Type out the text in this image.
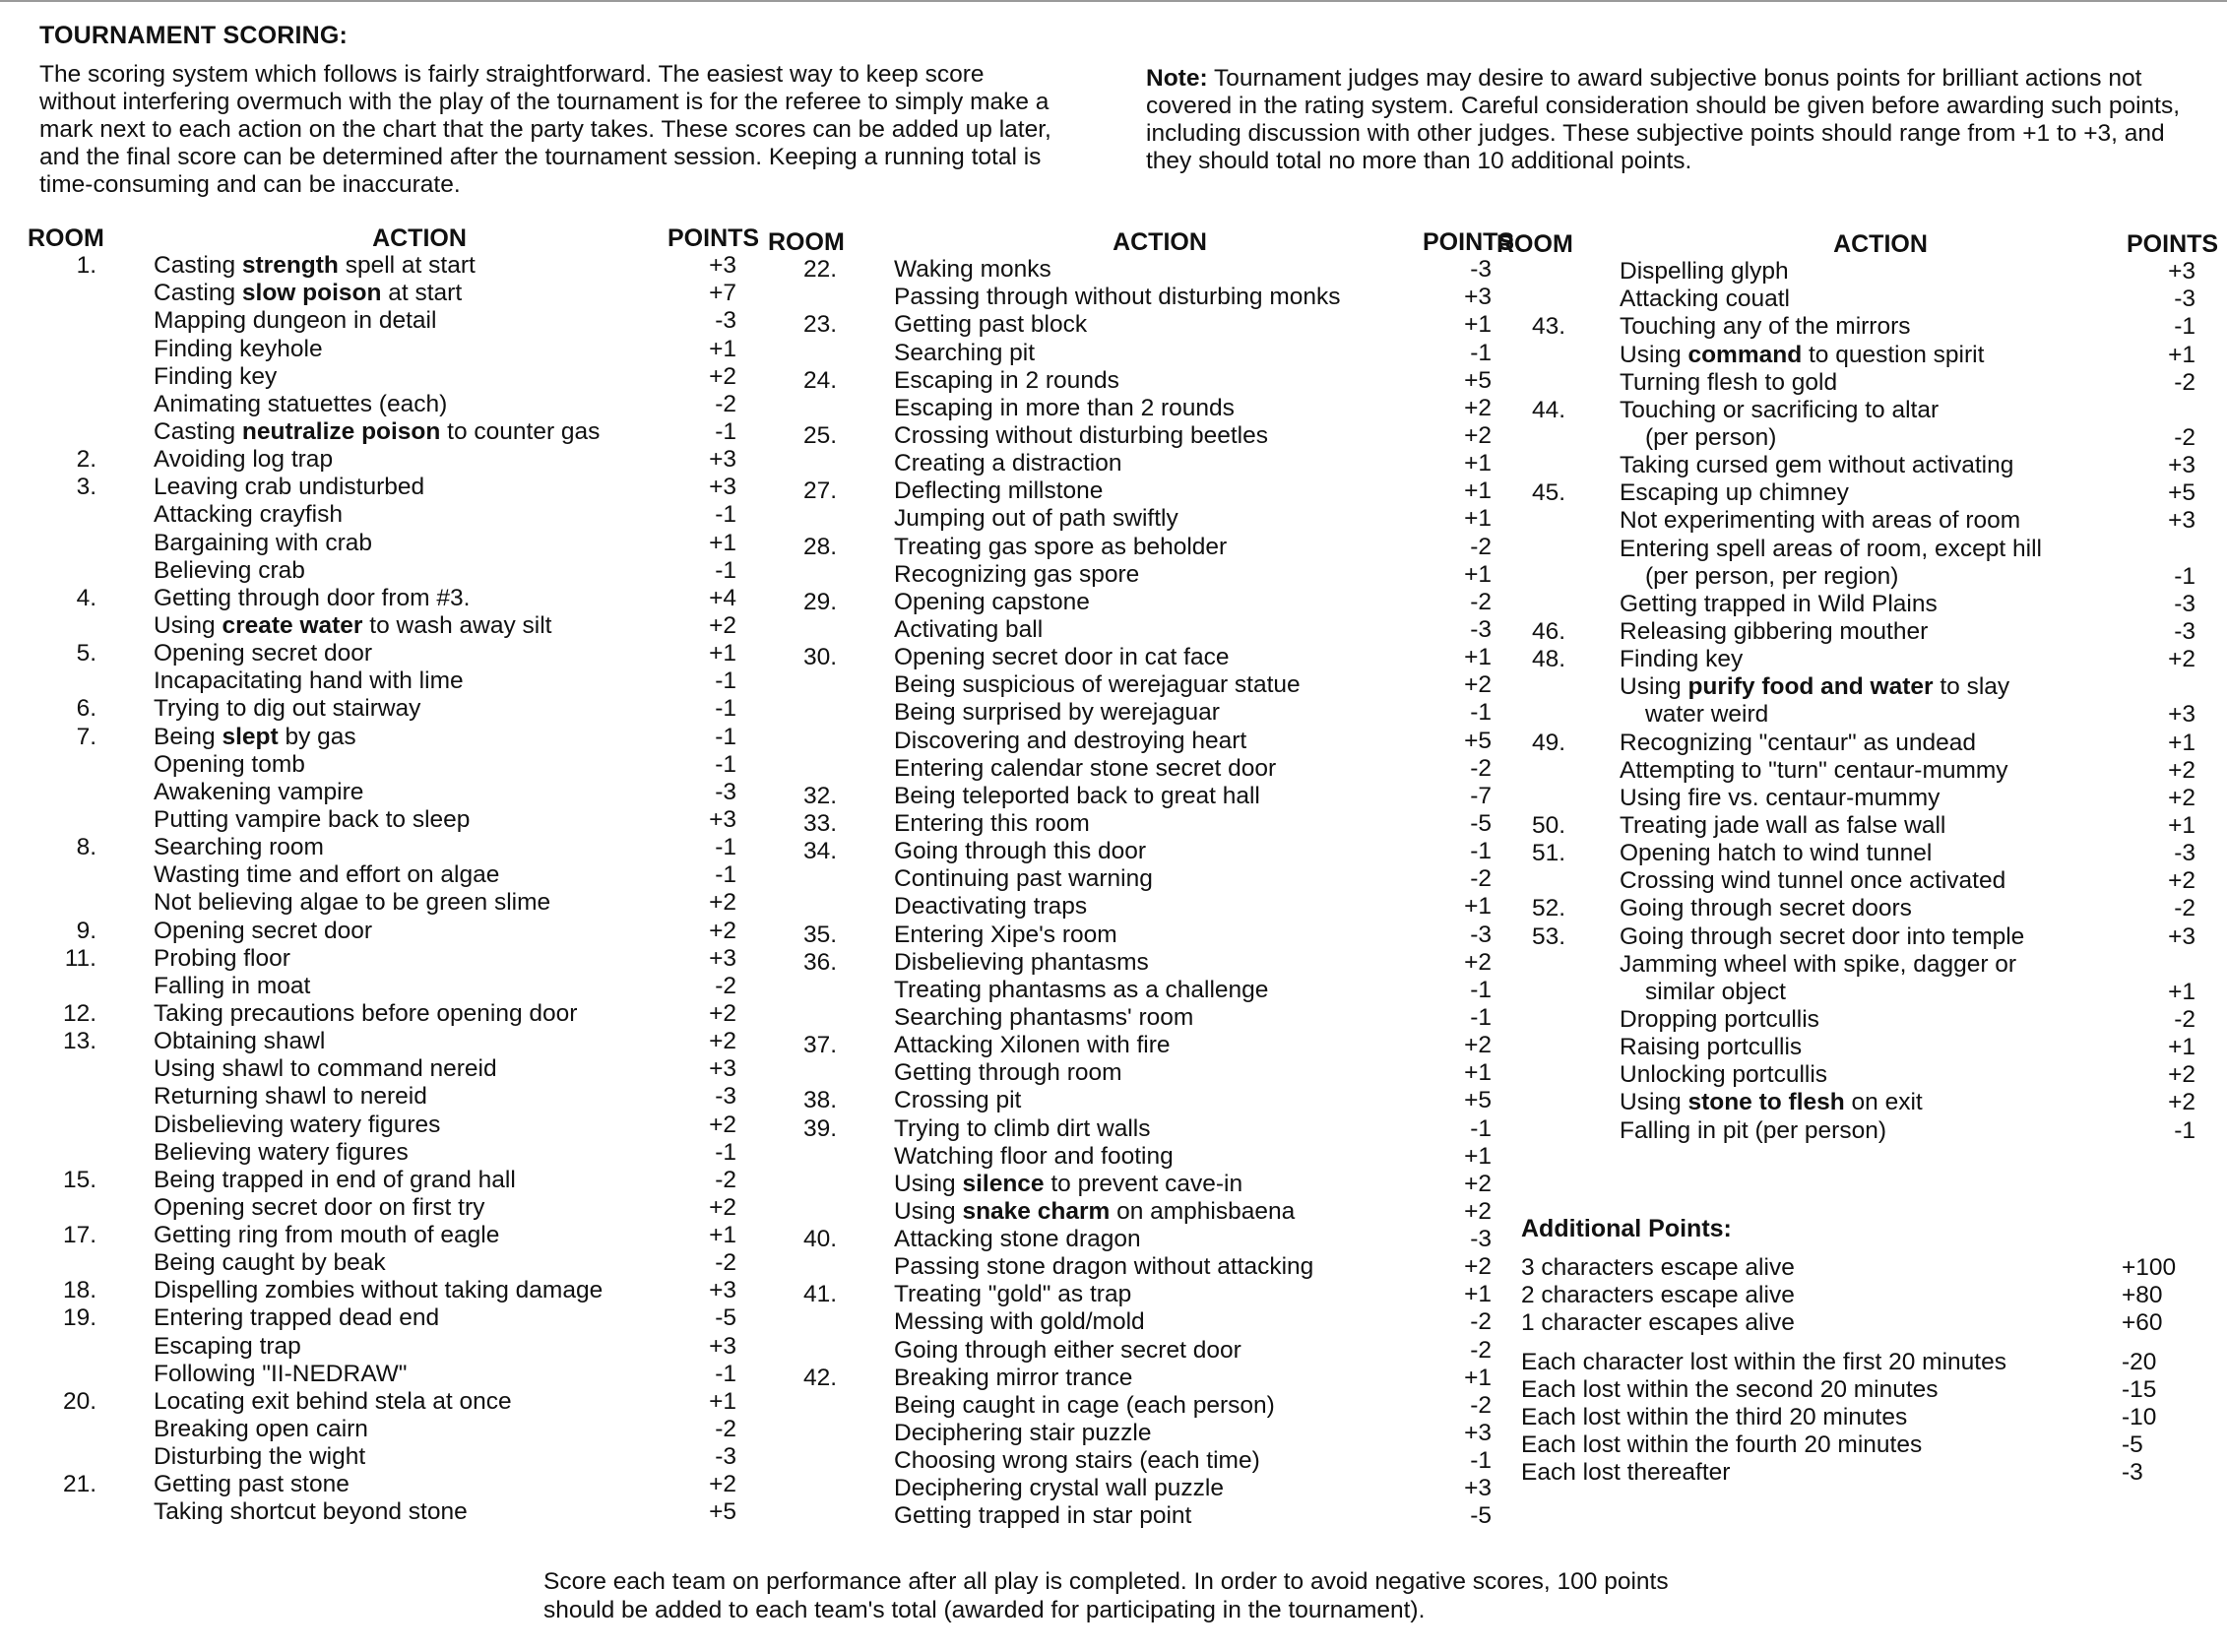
TOURNAMENT SCORING:
The scoring system which follows is fairly straightforward. The easiest way to keep score without interfering overmuch with the play of the tournament is for the referee to simply make a mark next to each action on the chart that the party takes. These scores can be added up later, and the final score can be determined after the tournament session. Keeping a running total is time-consuming and can be inaccurate.
Note: Tournament judges may desire to award subjective bonus points for brilliant actions not covered in the rating system. Careful consideration should be given before awarding such points, including discussion with other judges. These subjective points should range from +1 to +3, and they should total no more than 10 additional points.
ROOM	ACTION	POINTS
1. Casting strength spell at start	+3
Casting slow poison at start	+7
Mapping dungeon in detail	-3
Finding keyhole	+1
Finding key	+2
Animating statuettes (each)	-2
Casting neutralize poison to counter gas	-1
2. Avoiding log trap	+3
3. Leaving crab undisturbed	+3
Attacking crayfish	-1
Bargaining with crab	+1
Believing crab	-1
4. Getting through door from #3.	+4
Using create water to wash away silt	+2
5. Opening secret door	+1
Incapacitating hand with lime	-1
6. Trying to dig out stairway	-1
7. Being slept by gas	-1
Opening tomb	-1
Awakening vampire	-3
Putting vampire back to sleep	+3
8. Searching room	-1
Wasting time and effort on algae	-1
Not believing algae to be green slime	+2
9. Opening secret door	+2
11. Probing floor	+3
Falling in moat	-2
12. Taking precautions before opening door	+2
13. Obtaining shawl	+2
Using shawl to command nereid	+3
Returning shawl to nereid	-3
Disbelieving watery figures	+2
Believing watery figures	-1
15. Being trapped in end of grand hall	-2
Opening secret door on first try	+2
17. Getting ring from mouth of eagle	+1
Being caught by beak	-2
18. Dispelling zombies without taking damage	+3
19. Entering trapped dead end	-5
Escaping trap	+3
Following "II-NEDRAW"	-1
20. Locating exit behind stela at once	+1
Breaking open cairn	-2
Disturbing the wight	-3
21. Getting past stone	+2
Taking shortcut beyond stone	+5
ROOM	ACTION	POINTS
22. Waking monks	-3
Passing through without disturbing monks	+3
23. Getting past block	+1
Searching pit	-1
24. Escaping in 2 rounds	+5
Escaping in more than 2 rounds	+2
25. Crossing without disturbing beetles	+2
Creating a distraction	+1
27. Deflecting millstone	+1
Jumping out of path swiftly	+1
28. Treating gas spore as beholder	-2
Recognizing gas spore	+1
29. Opening capstone	-2
Activating ball	-3
30. Opening secret door in cat face	+1
Being suspicious of werejaguar statue	+2
Being surprised by werejaguar	-1
Discovering and destroying heart	+5
Entering calendar stone secret door	-2
32. Being teleported back to great hall	-7
33. Entering this room	-5
34. Going through this door	-1
Continuing past warning	-2
Deactivating traps	+1
35. Entering Xipe's room	-3
36. Disbelieving phantasms	+2
Treating phantasms as a challenge	-1
Searching phantasms' room	-1
37. Attacking Xilonen with fire	+2
Getting through room	+1
38. Crossing pit	+5
39. Trying to climb dirt walls	-1
Watching floor and footing	+1
Using silence to prevent cave-in	+2
Using snake charm on amphisbaena	+2
40. Attacking stone dragon	-3
Passing stone dragon without attacking	+2
41. Treating "gold" as trap	+1
Messing with gold/mold	-2
Going through either secret door	-2
42. Breaking mirror trance	+1
Being caught in cage (each person)	-2
Deciphering stair puzzle	+3
Choosing wrong stairs (each time)	-1
Deciphering crystal wall puzzle	+3
Getting trapped in star point	-5
ROOM	ACTION	POINTS
Dispelling glyph	+3
Attacking couatl	-3
43. Touching any of the mirrors	-1
Using command to question spirit	+1
Turning flesh to gold	-2
44. Touching or sacrificing to altar
(per person)	-2
Taking cursed gem without activating	+3
45. Escaping up chimney	+5
Not experimenting with areas of room	+3
Entering spell areas of room, except hill
(per person, per region)	-1
Getting trapped in Wild Plains	-3
46. Releasing gibbering mouther	-3
48. Finding key	+2
Using purify food and water to slay
water weird	+3
49. Recognizing "centaur" as undead	+1
Attempting to "turn" centaur-mummy	+2
Using fire vs. centaur-mummy	+2
50. Treating jade wall as false wall	+1
51. Opening hatch to wind tunnel	-3
Crossing wind tunnel once activated	+2
52. Going through secret doors	-2
53. Going through secret door into temple	+3
Jamming wheel with spike, dagger or
similar object	+1
Dropping portcullis	-2
Raising portcullis	+1
Unlocking portcullis	+2
Using stone to flesh on exit	+2
Falling in pit (per person)	-1
Additional Points:
3 characters escape alive	+100
2 characters escape alive	+80
1 character escapes alive	+60
Each character lost within the first 20 minutes	-20
Each lost within the second 20 minutes	-15
Each lost within the third 20 minutes	-10
Each lost within the fourth 20 minutes	-5
Each lost thereafter	-3
Score each team on performance after all play is completed. In order to avoid negative scores, 100 points should be added to each team's total (awarded for participating in the tournament).
